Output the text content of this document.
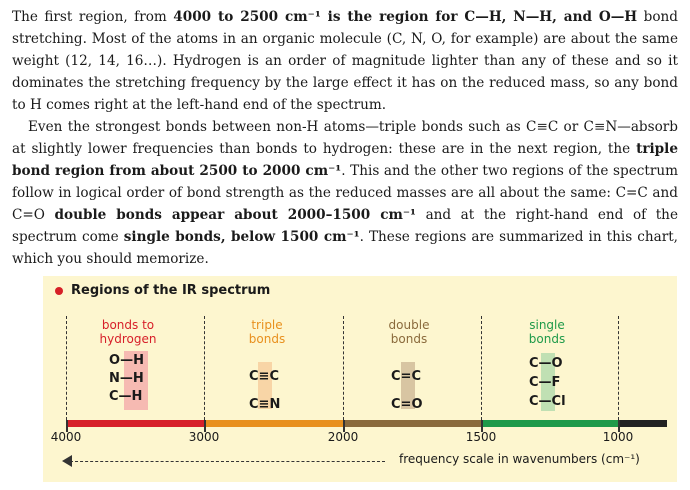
The first region, from 4000 to 2500 cm⁻¹ is the region for C—H, N—H, and O—H bond stretching. Most of the atoms in an organic molecule (C, N, O, for example) are about the same weight (12, 14, 16…). Hydrogen is an order of magnitude lighter than any of these and so it dominates the stretching frequency by the large effect it has on the reduced mass, so any bond to H comes right at the left-hand end of the spectrum.

Even the strongest bonds between non-H atoms—triple bonds such as C≡C or C≡N—absorb at slightly lower frequencies than bonds to hydrogen: these are in the next region, the triple bond region from about 2500 to 2000 cm⁻¹. This and the other two regions of the spectrum follow in logical order of bond strength as the reduced masses are all about the same: C=C and C=O double bonds appear about 2000–1500 cm⁻¹ and at the right-hand end of the spectrum come single bonds, below 1500 cm⁻¹. These regions are summarized in this chart, which you should memorize.

Regions of the IR spectrum
bonds to
hydrogen
triple
bonds
double
bonds
single
bonds
O—H
N—H
C—H
C≡C
C≡N
C=C
C=O
C—O
C—F
C—Cl
4000	3000	2000	1500	1000
frequency scale in wavenumbers (cm⁻¹)
